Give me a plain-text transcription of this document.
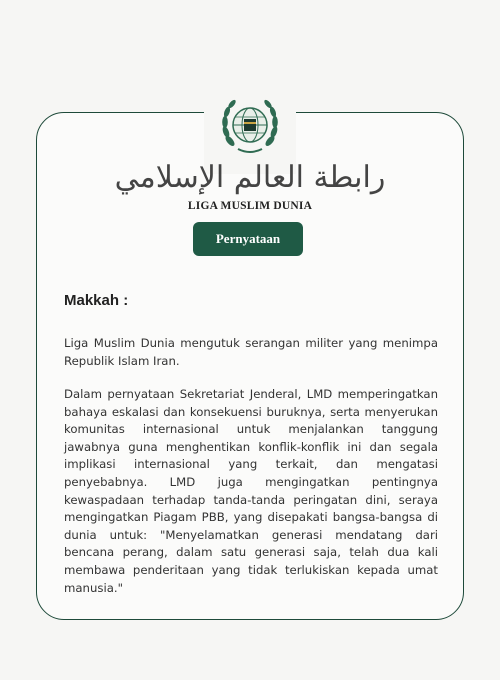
رابطة العالم الإسلامي
LIGA MUSLIM DUNIA
Pernyataan
Makkah :

Liga Muslim Dunia mengutuk serangan militer yang menimpa Republik Islam Iran.

Dalam pernyataan Sekretariat Jenderal, LMD memperingatkan bahaya eskalasi dan konsekuensi buruknya, serta menyerukan komunitas internasional untuk menjalankan tanggung jawabnya guna menghentikan konflik-konflik ini dan segala implikasi internasional yang terkait, dan mengatasi penyebabnya. LMD juga mengingatkan pentingnya kewaspadaan terhadap tanda-tanda peringatan dini, seraya mengingatkan Piagam PBB, yang disepakati bangsa-bangsa di dunia untuk: "Menyelamatkan generasi mendatang dari bencana perang, dalam satu generasi saja, telah dua kali membawa penderitaan yang tidak terlukiskan kepada umat manusia."
